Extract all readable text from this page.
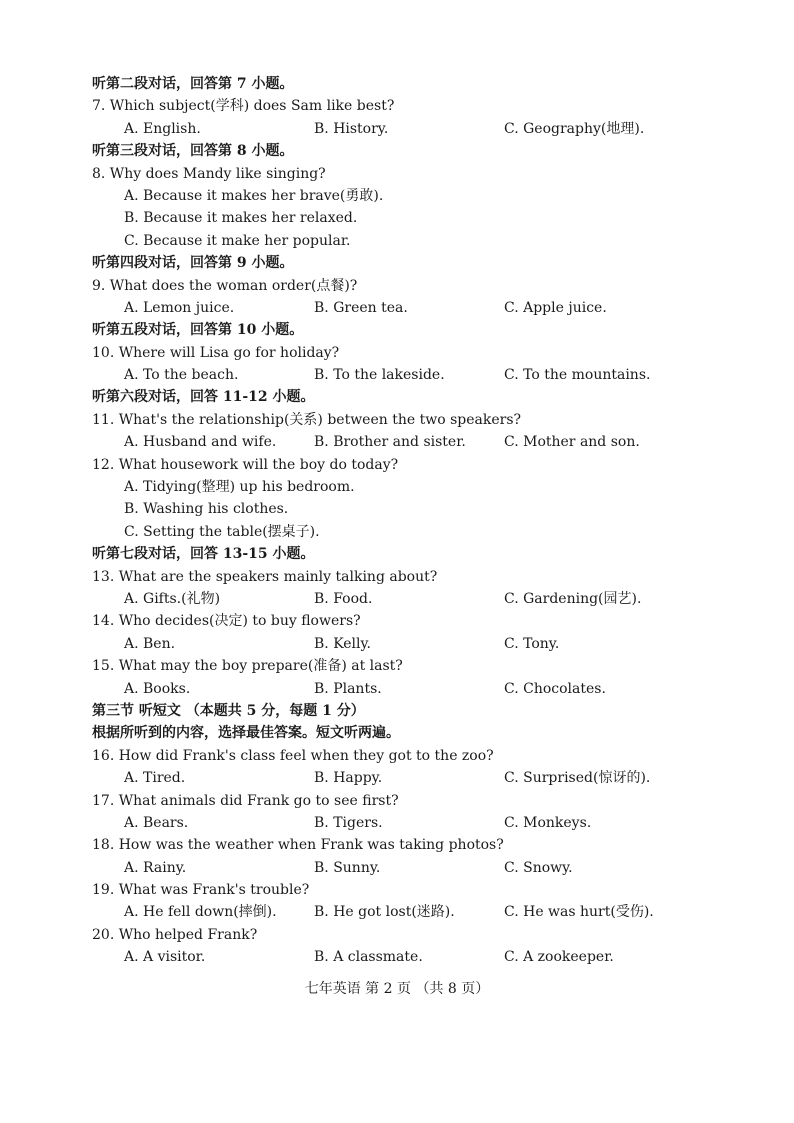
听第二段对话，回答第 7 小题。
7. Which subject(学科) does Sam like best?
A. English.	B. History.	C. Geography(地理).
听第三段对话，回答第 8 小题。
8. Why does Mandy like singing?
A. Because it makes her brave(勇敢).
B. Because it makes her relaxed.
C. Because it make her popular.
听第四段对话，回答第 9 小题。
9. What does the woman order(点餐)?
A. Lemon juice.	B. Green tea.	C. Apple juice.
听第五段对话，回答第 10 小题。
10. Where will Lisa go for holiday?
A. To the beach.	B. To the lakeside.	C. To the mountains.
听第六段对话，回答 11-12 小题。
11. What's the relationship(关系) between the two speakers?
A. Husband and wife.	B. Brother and sister.	C. Mother and son.
12. What housework will the boy do today?
A. Tidying(整理) up his bedroom.
B. Washing his clothes.
C. Setting the table(摆桌子).
听第七段对话，回答 13-15 小题。
13. What are the speakers mainly talking about?
A. Gifts.(礼物)	B. Food.	C. Gardening(园艺).
14. Who decides(决定) to buy flowers?
A. Ben.	B. Kelly.	C. Tony.
15. What may the boy prepare(准备) at last?
A. Books.	B. Plants.	C. Chocolates.
第三节 听短文 （本题共 5 分，每题 1 分）
根据所听到的内容，选择最佳答案。短文听两遍。
16. How did Frank's class feel when they got to the zoo?
A. Tired.	B. Happy.	C. Surprised(惊讶的).
17. What animals did Frank go to see first?
A. Bears.	B. Tigers.	C. Monkeys.
18. How was the weather when Frank was taking photos?
A. Rainy.	B. Sunny.	C. Snowy.
19. What was Frank's trouble?
A. He fell down(摔倒).	B. He got lost(迷路).	C. He was hurt(受伤).
20. Who helped Frank?
A. A visitor.	B. A classmate.	C. A zookeeper.
七年英语 第 2 页 （共 8 页）
